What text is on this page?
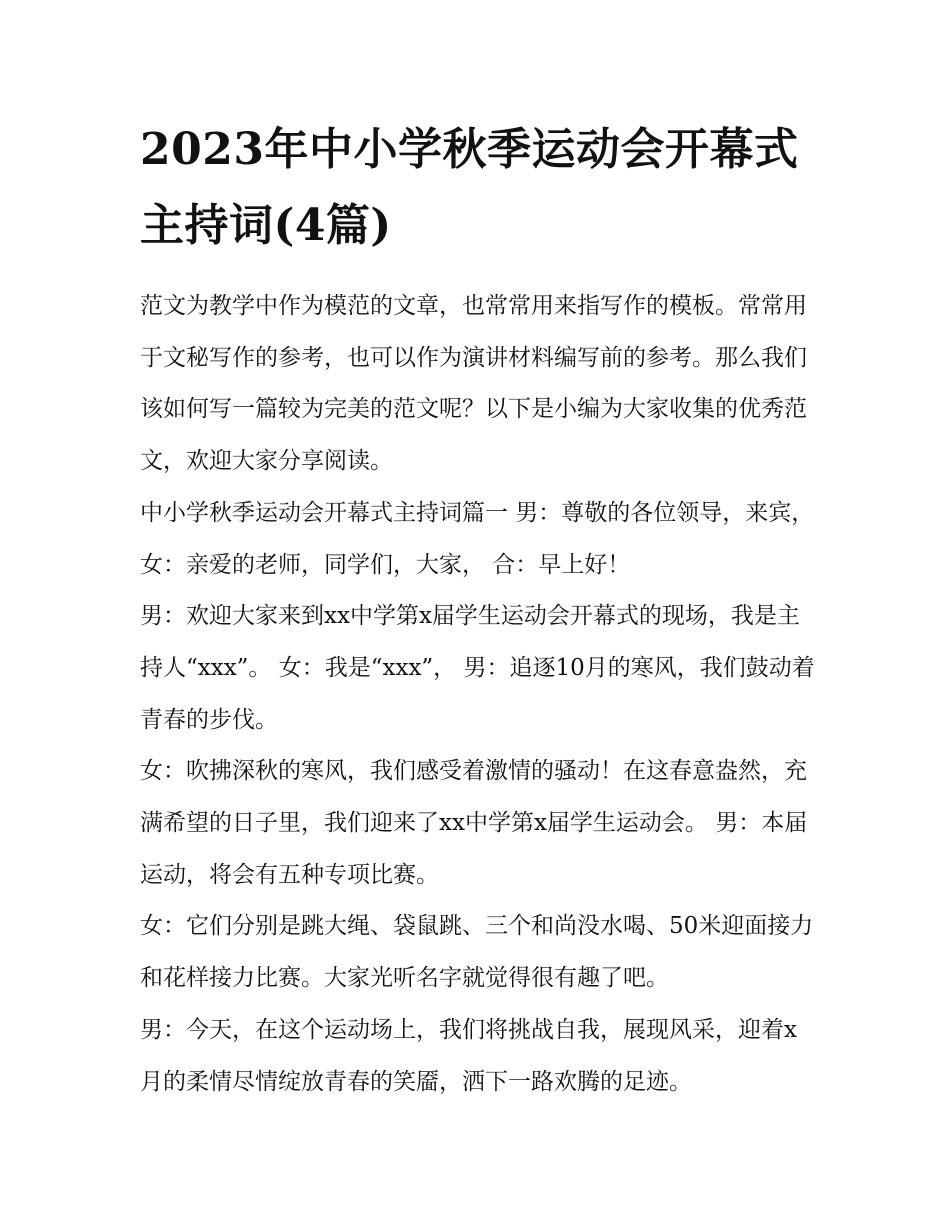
2023年中小学秋季运动会开幕式主持词(4篇)

范文为教学中作为模范的文章，也常常用来指写作的模板。常常用于文秘写作的参考，也可以作为演讲材料编写前的参考。那么我们该如何写一篇较为完美的范文呢？以下是小编为大家收集的优秀范文，欢迎大家分享阅读。

中小学秋季运动会开幕式主持词篇一 男：尊敬的各位领导，来宾， 女：亲爱的老师，同学们，大家， 合：早上好！

男：欢迎大家来到xx中学第x届学生运动会开幕式的现场，我是主持人“xxx”。 女：我是“xxx”， 男：追逐10月的寒风，我们鼓动着青春的步伐。

女：吹拂深秋的寒风，我们感受着激情的骚动！在这春意盎然，充满希望的日子里，我们迎来了xx中学第x届学生运动会。 男：本届运动，将会有五种专项比赛。

女：它们分别是跳大绳、袋鼠跳、三个和尚没水喝、50米迎面接力和花样接力比赛。大家光听名字就觉得很有趣了吧。

男：今天，在这个运动场上，我们将挑战自我，展现风采，迎着x月的柔情尽情绽放青春的笑靥，洒下一路欢腾的足迹。
